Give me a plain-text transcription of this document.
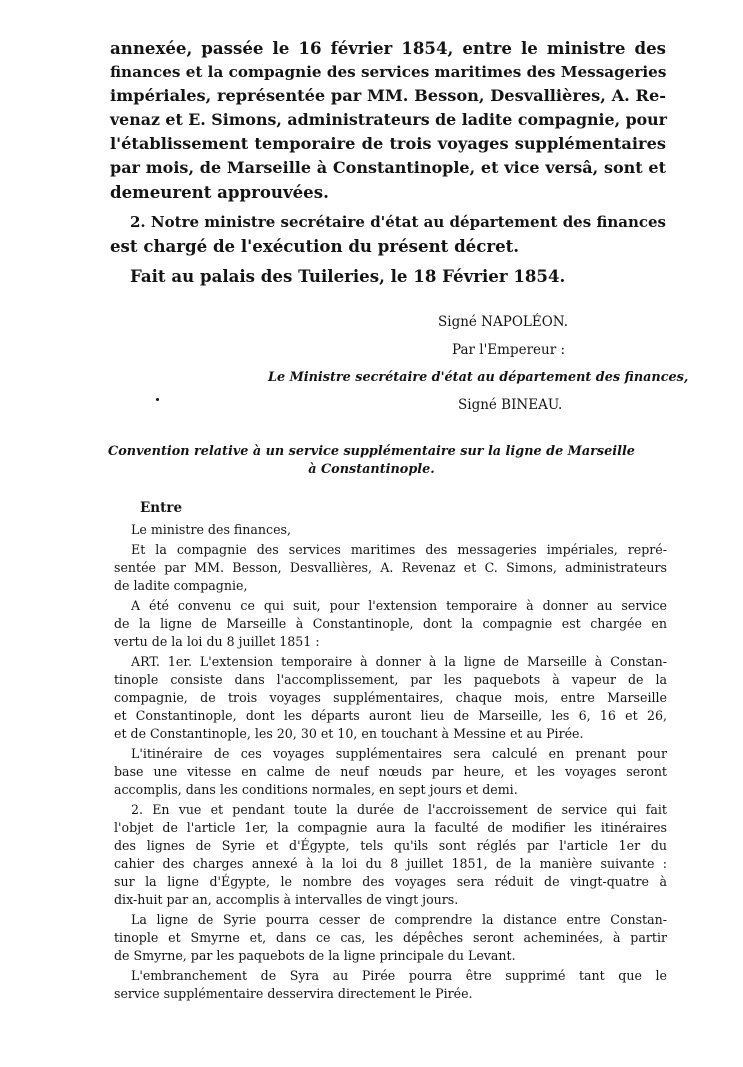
annexée, passée le 16 février 1854, entre le ministre des

finances et la compagnie des services maritimes des Messageries

impériales, représentée par MM. Besson, Desvallières, A. Re-

venaz et E. Simons, administrateurs de ladite compagnie, pour

l'établissement temporaire de trois voyages supplémentaires

par mois, de Marseille à Constantinople, et vice versâ, sont et

demeurent approuvées.

2. Notre ministre secrétaire d'état au département des finances

est chargé de l'exécution du présent décret.

Fait au palais des Tuileries, le 18 Février 1854.

Signé NAPOLÉON.
Par l'Empereur :
Le Ministre secrétaire d'état au département des finances,
Signé BINEAU.
Convention relative à un service supplémentaire sur la ligne de Marseille
à Constantinople.
Entre

Le ministre des finances,

Et la compagnie des services maritimes des messageries impériales, repré-

sentée par MM. Besson, Desvallières, A. Revenaz et C. Simons, administrateurs

de ladite compagnie,

A été convenu ce qui suit, pour l'extension temporaire à donner au service

de la ligne de Marseille à Constantinople, dont la compagnie est chargée en

vertu de la loi du 8 juillet 1851 :

ART. 1er. L'extension temporaire à donner à la ligne de Marseille à Constan-

tinople consiste dans l'accomplissement, par les paquebots à vapeur de la

compagnie, de trois voyages supplémentaires, chaque mois, entre Marseille

et Constantinople, dont les départs auront lieu de Marseille, les 6, 16 et 26,

et de Constantinople, les 20, 30 et 10, en touchant à Messine et au Pirée.

L'itinéraire de ces voyages supplémentaires sera calculé en prenant pour

base une vitesse en calme de neuf nœuds par heure, et les voyages seront

accomplis, dans les conditions normales, en sept jours et demi.

2. En vue et pendant toute la durée de l'accroissement de service qui fait

l'objet de l'article 1er, la compagnie aura la faculté de modifier les itinéraires

des lignes de Syrie et d'Égypte, tels qu'ils sont réglés par l'article 1er du

cahier des charges annexé à la loi du 8 juillet 1851, de la manière suivante :

sur la ligne d'Égypte, le nombre des voyages sera réduit de vingt-quatre à

dix-huit par an, accomplis à intervalles de vingt jours.

La ligne de Syrie pourra cesser de comprendre la distance entre Constan-

tinople et Smyrne et, dans ce cas, les dépêches seront acheminées, à partir

de Smyrne, par les paquebots de la ligne principale du Levant.

L'embranchement de Syra au Pirée pourra être supprimé tant que le

service supplémentaire desservira directement le Pirée.
